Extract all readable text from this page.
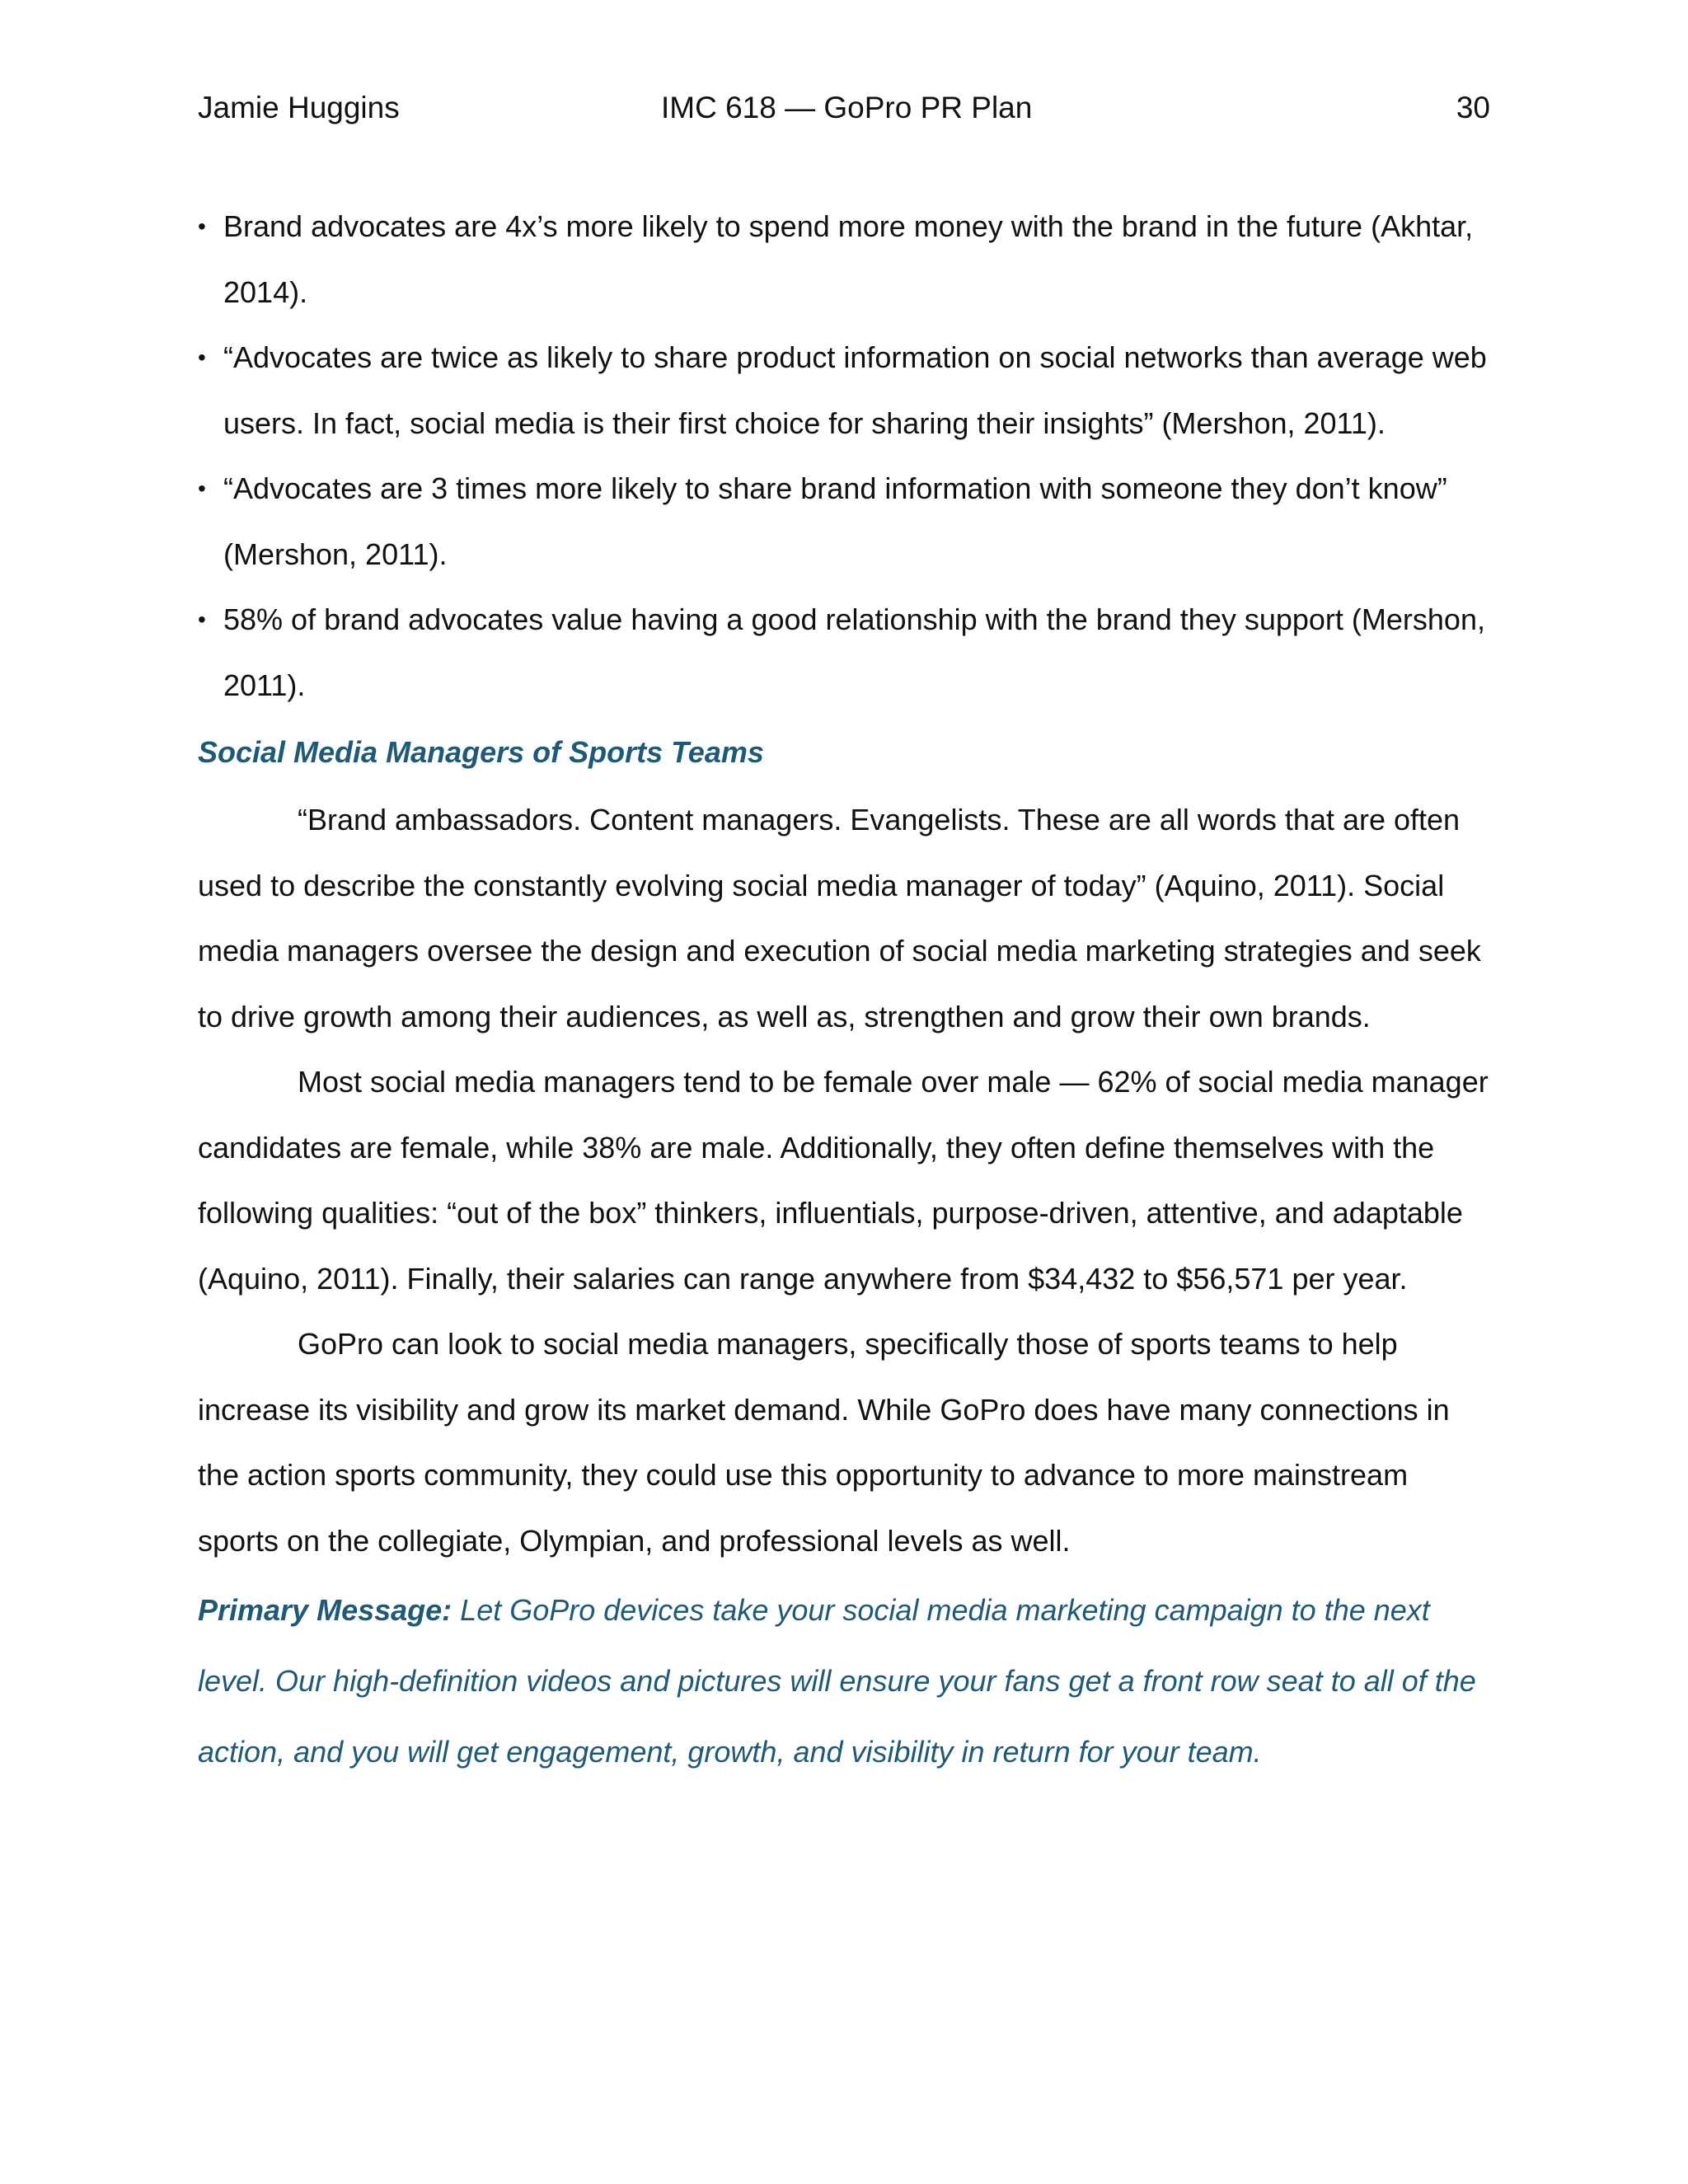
Jamie Huggins	IMC 618 — GoPro PR Plan	30
• Brand advocates are 4x’s more likely to spend more money with the brand in the future (Akhtar, 2014).
• “Advocates are twice as likely to share product information on social networks than average web users. In fact, social media is their first choice for sharing their insights” (Mershon, 2011).
• “Advocates are 3 times more likely to share brand information with someone they don’t know” (Mershon, 2011).
• 58% of brand advocates value having a good relationship with the brand they support (Mershon, 2011).
Social Media Managers of Sports Teams

“Brand ambassadors. Content managers. Evangelists. These are all words that are often used to describe the constantly evolving social media manager of today” (Aquino, 2011). Social media managers oversee the design and execution of social media marketing strategies and seek to drive growth among their audiences, as well as, strengthen and grow their own brands.

Most social media managers tend to be female over male — 62% of social media manager candidates are female, while 38% are male. Additionally, they often define themselves with the following qualities: “out of the box” thinkers, influentials, purpose-driven, attentive, and adaptable (Aquino, 2011). Finally, their salaries can range anywhere from $34,432 to $56,571 per year.

GoPro can look to social media managers, specifically those of sports teams to help increase its visibility and grow its market demand. While GoPro does have many connections in the action sports community, they could use this opportunity to advance to more mainstream sports on the collegiate, Olympian, and professional levels as well.

Primary Message: Let GoPro devices take your social media marketing campaign to the next level. Our high-definition videos and pictures will ensure your fans get a front row seat to all of the action, and you will get engagement, growth, and visibility in return for your team.
